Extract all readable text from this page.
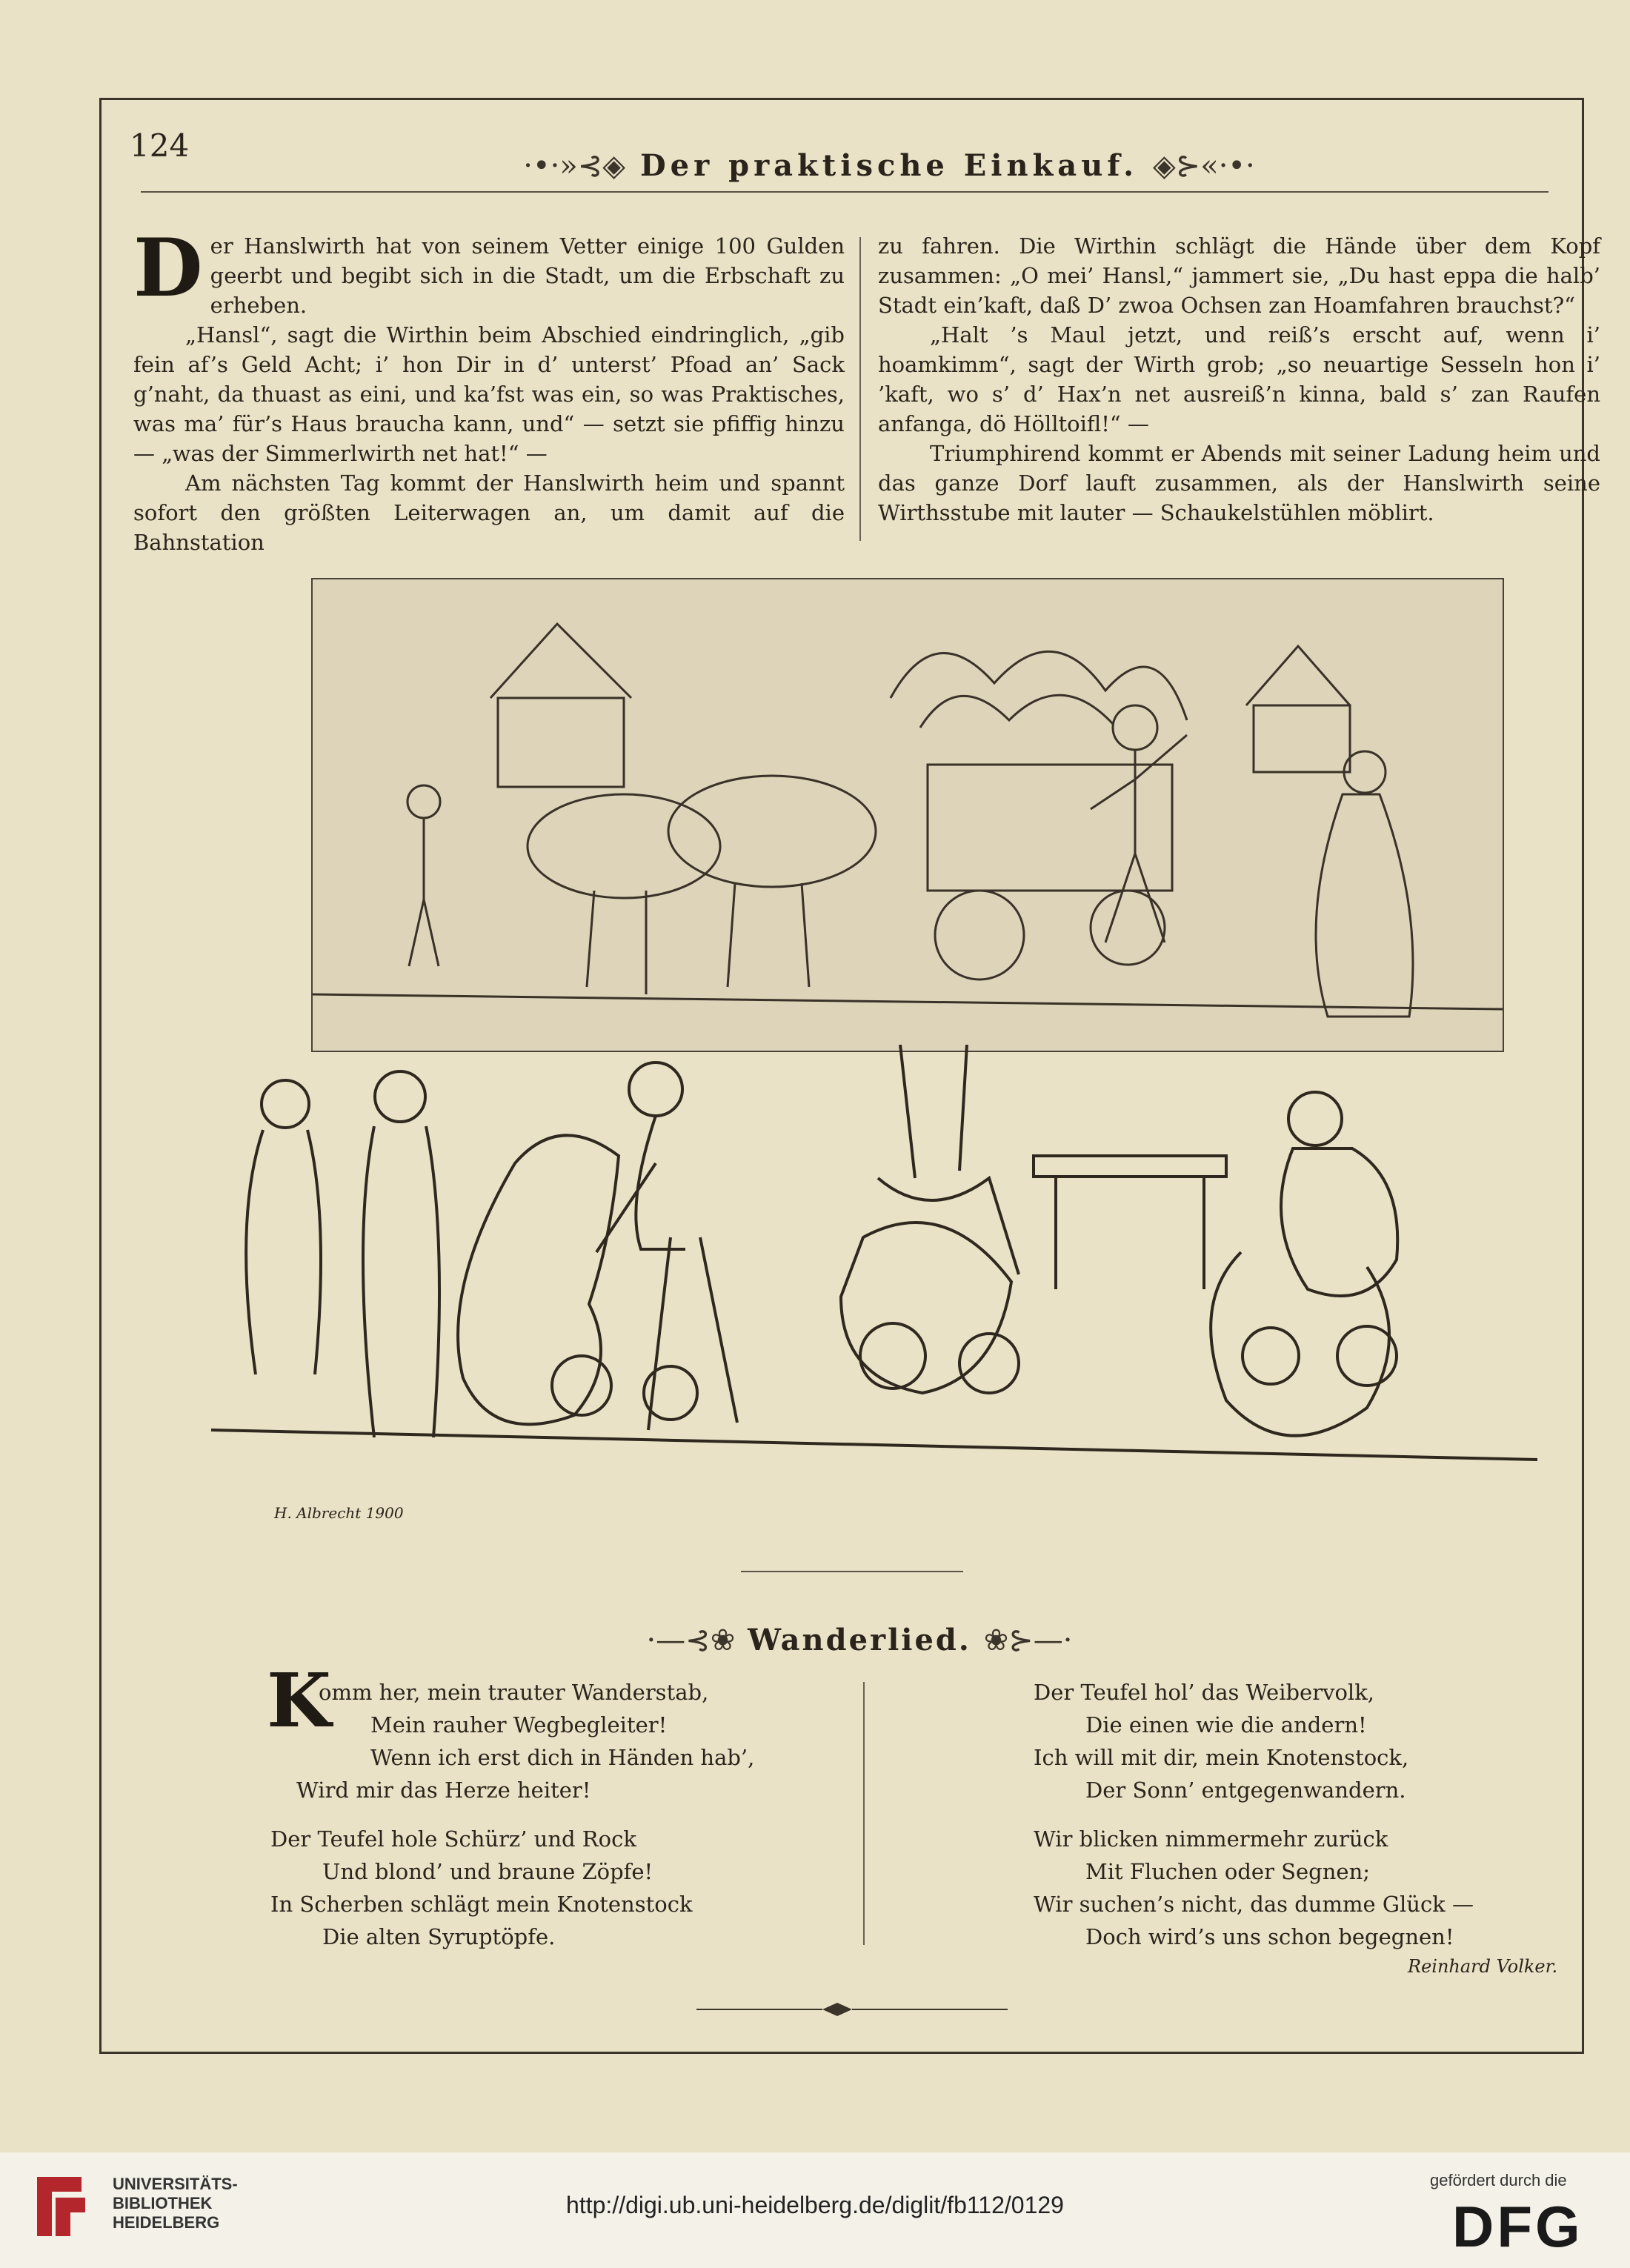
124
·•·»⊰◈ Der praktische Einkauf. ◈⊱«·•·

Der Hanslwirth hat von seinem Vetter einige 100 Gulden geerbt und begibt sich in die Stadt, um die Erbschaft zu erheben.

„Hansl“, sagt die Wirthin beim Abschied eindringlich, „gib fein af’s Geld Acht; i’ hon Dir in d’ unterst’ Pfoad an’ Sack g’naht, da thuast as eini, und ka’fst was ein, so was Praktisches, was ma’ für’s Haus braucha kann, und“ — setzt sie pfiffig hinzu — „was der Simmerlwirth net hat!“ —

Am nächsten Tag kommt der Hanslwirth heim und spannt sofort den größten Leiterwagen an, um damit auf die Bahnstation

zu fahren. Die Wirthin schlägt die Hände über dem Kopf zusammen: „O mei’ Hansl,“ jammert sie, „Du hast eppa die halb’ Stadt ein’kaft, daß D’ zwoa Ochsen zan Hoamfahren brauchst?“

„Halt ’s Maul jetzt, und reiß’s erscht auf, wenn i’ hoamkimm“, sagt der Wirth grob; „so neuartige Sesseln hon i’ ’kaft, wo s’ d’ Hax’n net ausreiß’n kinna, bald s’ zan Raufen anfanga, dö Hölltoifl!“ —

Triumphirend kommt er Abends mit seiner Ladung heim und das ganze Dorf lauft zusammen, als der Hanslwirth seine Wirthsstube mit lauter — Schaukelstühlen möblirt.

H. Albrecht 1900
·—⊰❀ Wanderlied. ❀⊱—·
K
omm her, mein trauter Wanderstab,
Mein rauher Wegbegleiter!
Wenn ich erst dich in Händen hab’,
Wird mir das Herze heiter!
Der Teufel hole Schürz’ und Rock
Und blond’ und braune Zöpfe!
In Scherben schlägt mein Knotenstock
Die alten Syruptöpfe.
Der Teufel hol’ das Weibervolk,
Die einen wie die andern!
Ich will mit dir, mein Knotenstock,
Der Sonn’ entgegenwandern.
Wir blicken nimmermehr zurück
Mit Fluchen oder Segnen;
Wir suchen’s nicht, das dumme Glück —
Doch wird’s uns schon begegnen!
Reinhard Volker.
UNIVERSITÄTS-
BIBLIOTHEK
HEIDELBERG
http://digi.ub.uni-heidelberg.de/diglit/fb112/0129
gefördert durch die
DFG
